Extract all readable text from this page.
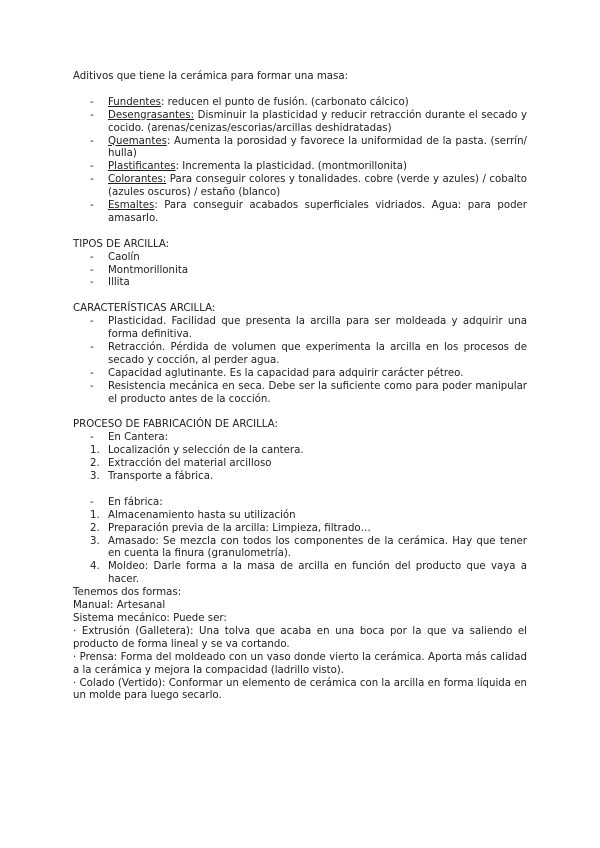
Aditivos que tiene la cerámica para formar una masa:

- Fundentes: reducen el punto de fusión. (carbonato cálcico)
- Desengrasantes: Disminuir la plasticidad y reducir retracción durante el secado y cocido. (arenas/cenizas/escorias/arcillas deshidratadas)
- Quemantes: Aumenta la porosidad y favorece la uniformidad de la pasta. (serrín/ hulla)
- Plastificantes: Incrementa la plasticidad. (montmorillonita)
- Colorantes: Para conseguir colores y tonalidades. cobre (verde y azules) / cobalto (azules oscuros) / estaño (blanco)
- Esmaltes: Para conseguir acabados superficiales vidriados. Agua: para poder amasarlo.

TIPOS DE ARCILLA:

- Caolín
- Montmorillonita
- Illita

CARACTERÍSTICAS ARCILLA:

- Plasticidad. Facilidad que presenta la arcilla para ser moldeada y adquirir una forma definitiva.
- Retracción. Pérdida de volumen que experimenta la arcilla en los procesos de secado y cocción, al perder agua.
- Capacidad aglutinante. Es la capacidad para adquirir carácter pétreo.
- Resistencia mecánica en seca. Debe ser la suficiente como para poder manipular el producto antes de la cocción.

PROCESO DE FABRICACIÓN DE ARCILLA:

- En Cantera:
1. Localización y selección de la cantera.
2. Extracción del material arcilloso
3. Transporte a fábrica.
- En fábrica:
1. Almacenamiento hasta su utilización
2. Preparación previa de la arcilla: Limpieza, filtrado…
3. Amasado: Se mezcla con todos los componentes de la cerámica. Hay que tener en cuenta la finura (granulometría).
4. Moldeo: Darle forma a la masa de arcilla en función del producto que vaya a hacer.

Tenemos dos formas:

Manual: Artesanal

Sistema mecánico: Puede ser:

· Extrusión (Galletera): Una tolva que acaba en una boca por la que va saliendo el producto de forma lineal y se va cortando.

· Prensa: Forma del moldeado con un vaso donde vierto la cerámica. Aporta más calidad a la cerámica y mejora la compacidad (ladrillo visto).

· Colado (Vertido): Conformar un elemento de cerámica con la arcilla en forma líquida en un molde para luego secarlo.
